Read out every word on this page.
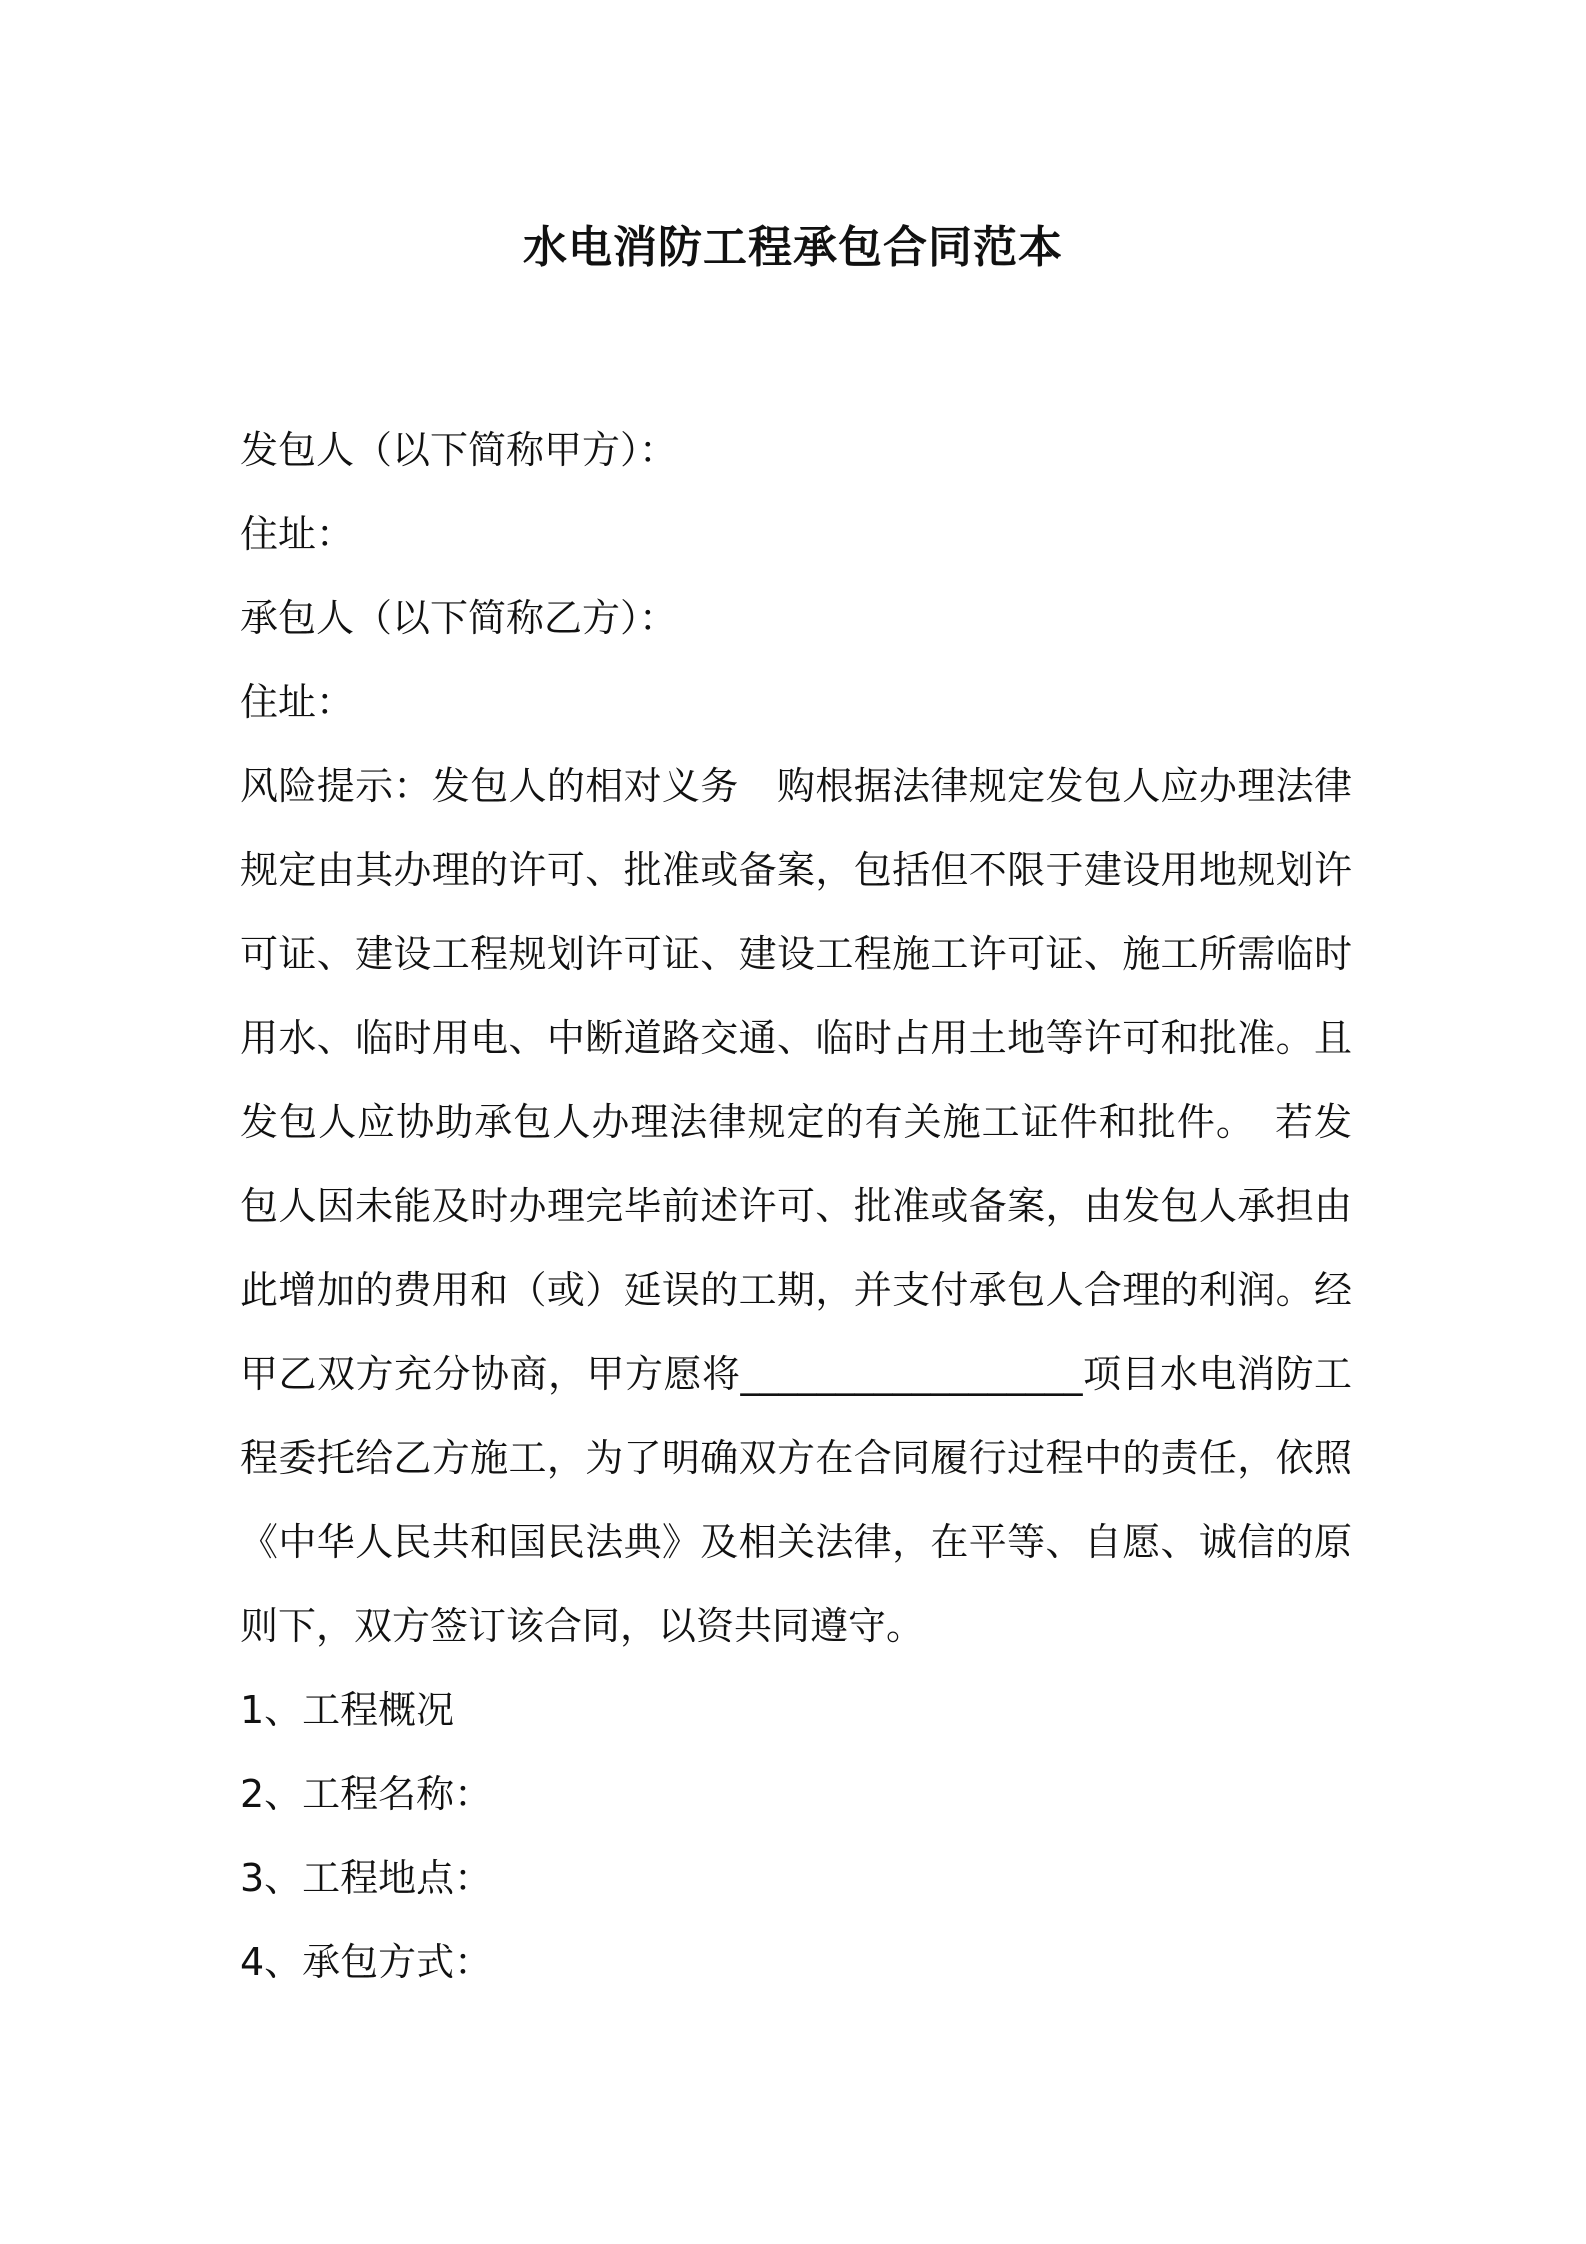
水电消防工程承包合同范本
发包人（以下简称甲方）：
住址：
承包人（以下简称乙方）：
住址：
风险提示：发包人的相对义务　购根据法律规定发包人应办理法律规定由其办理的许可、批准或备案，包括但不限于建设用地规划许可证、建设工程规划许可证、建设工程施工许可证、施工所需临时用水、临时用电、中断道路交通、临时占用土地等许可和批准。且发包人应协助承包人办理法律规定的有关施工证件和批件。　若发包人因未能及时办理完毕前述许可、批准或备案，由发包人承担由此增加的费用和（或）延误的工期，并支付承包人合理的利润。经甲乙双方充分协商，甲方愿将__________________项目水电消防工程委托给乙方施工，为了明确双方在合同履行过程中的责任，依照《中华人民共和国民法典》及相关法律，在平等、自愿、诚信的原则下，双方签订该合同，以资共同遵守。
1、工程概况
2、工程名称：
3、工程地点：
4、承包方式：
